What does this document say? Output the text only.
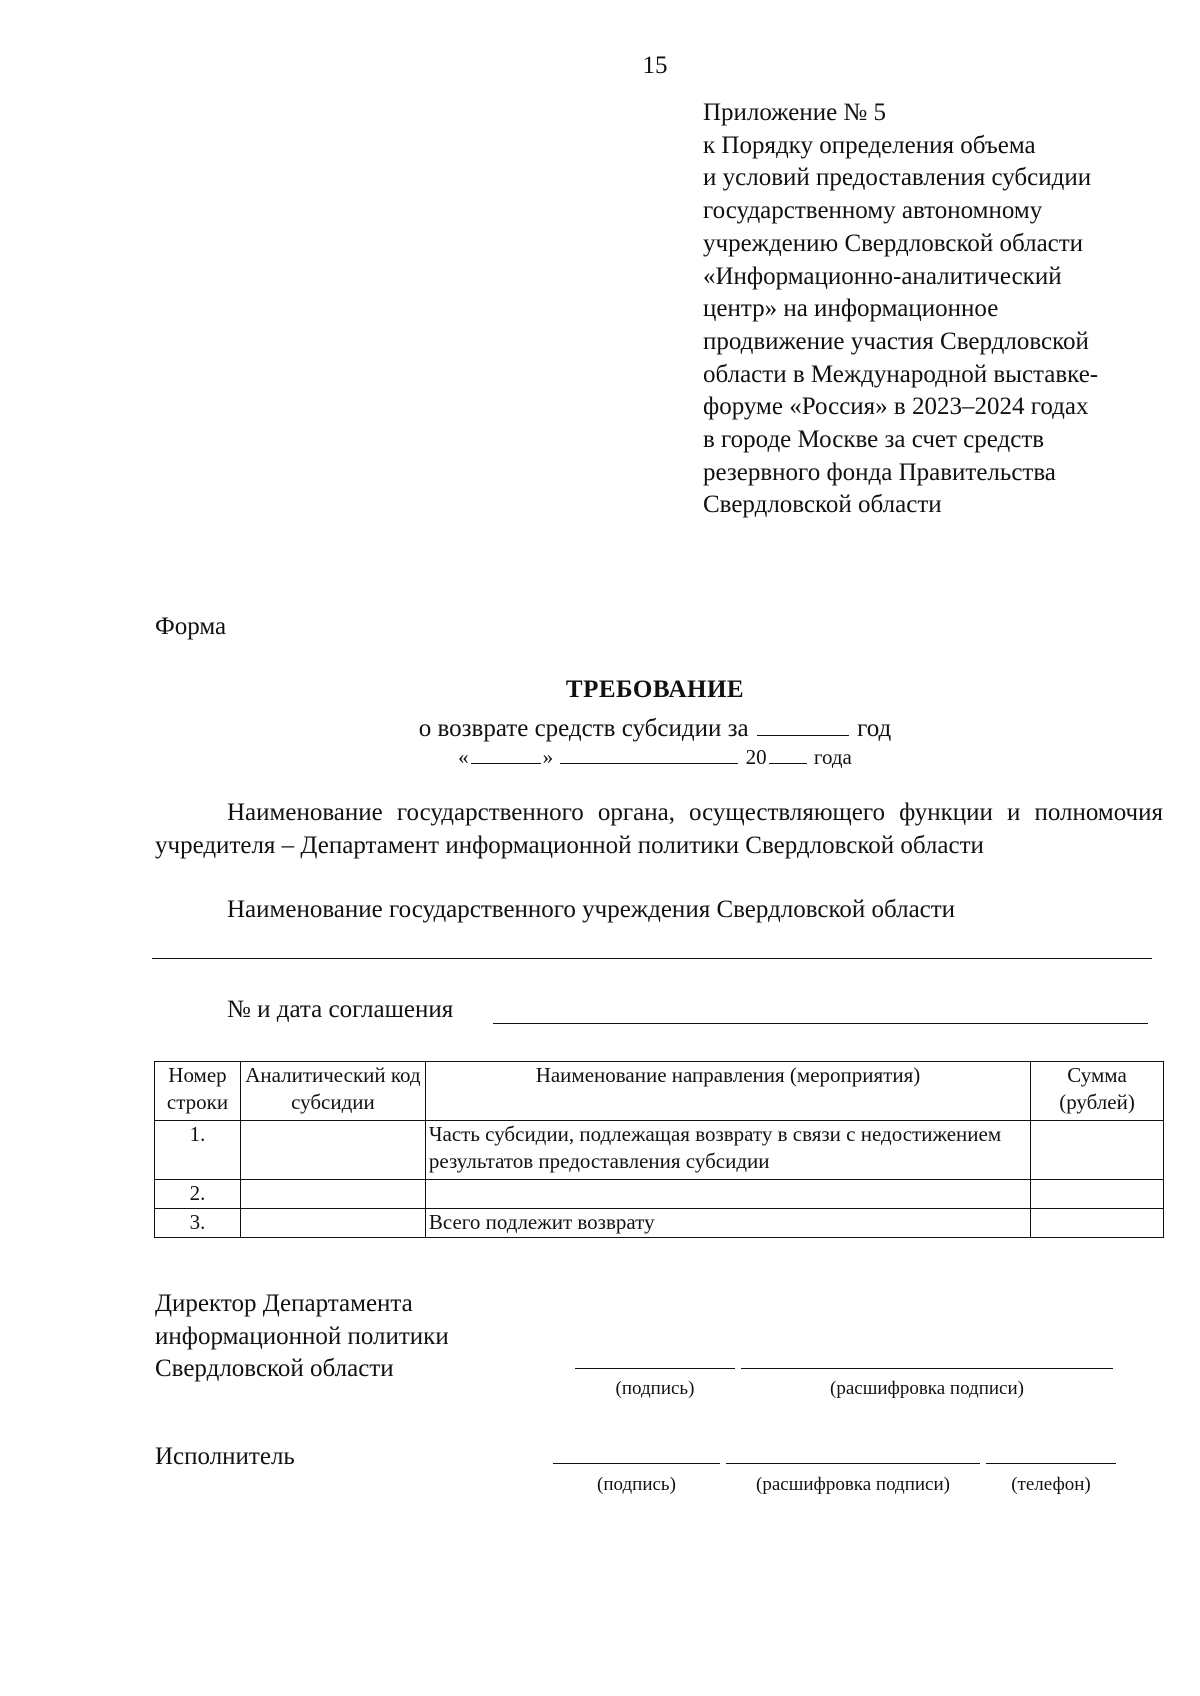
15
Приложение № 5
к Порядку определения объема
и условий предоставления субсидии
государственному автономному
учреждению Свердловской области
«Информационно-аналитический
центр» на информационное
продвижение участия Свердловской
области в Международной выставке-
форуме «Россия» в 2023–2024 годах
в городе Москве за счет средств
резервного фонда Правительства
Свердловской области
Форма
ТРЕБОВАНИЕ
о возврате средств субсидии за	год
«	»	20 года
Наименование государственного органа, осуществляющего функции и полномочия учредителя – Департамент информационной политики Свердловской области
Наименование государственного учреждения Свердловской области
№ и дата соглашения
Номер строки	Аналитический код субсидии	Наименование направления (мероприятия)	Сумма (рублей)
1.		Часть субсидии, подлежащая возврату в связи с недостижением результатов предоставления субсидии	
2.			
3.		Всего подлежит возврату	
Директор Департамента
информационной политики
Свердловской области
(подпись)	(расшифровка подписи)
Исполнитель
(подпись)	(расшифровка подписи)	(телефон)
